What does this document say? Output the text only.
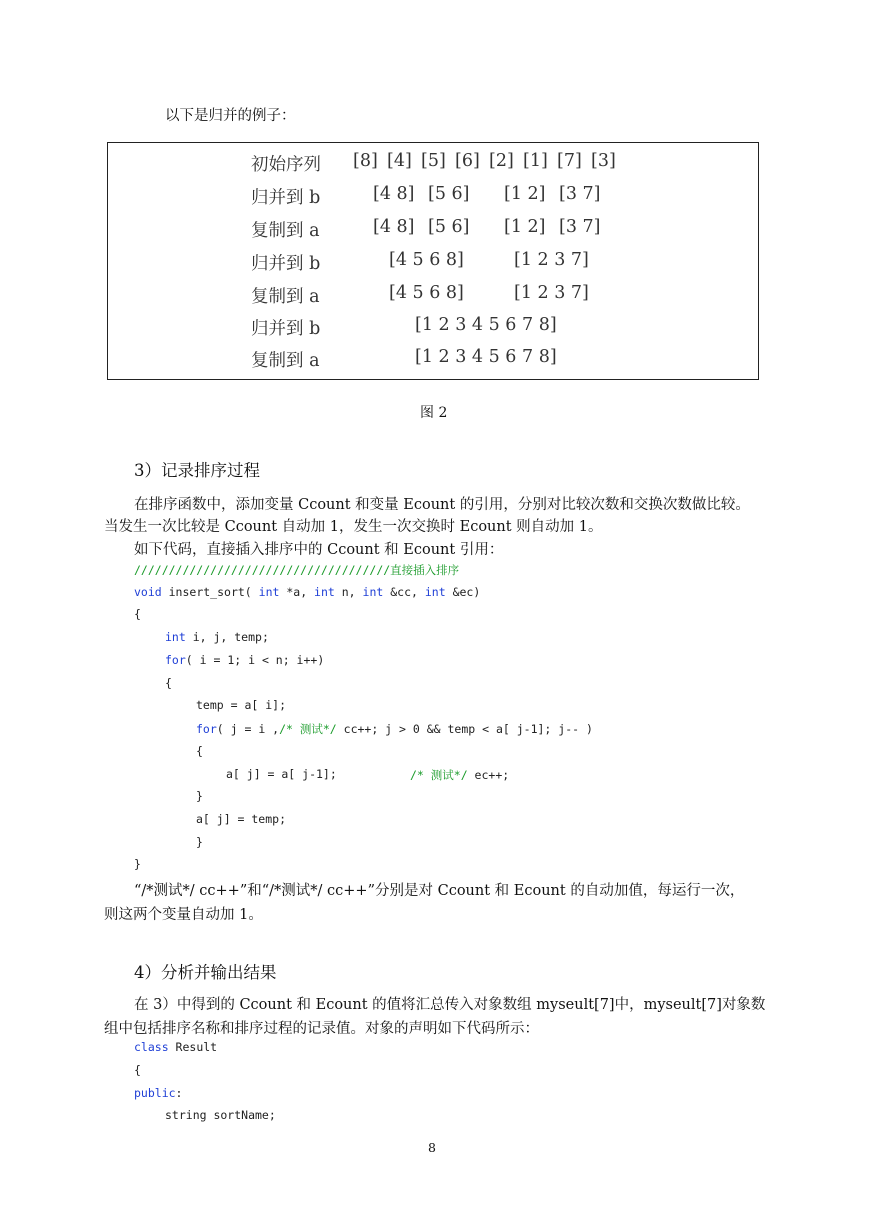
以下是归并的例子：
初始序列 [8] [4] [5] [6] [2] [1] [7] [3]
归并到 b	[4 8] [5 6] [1 2] [3 7]
复制到 a	[4 8] [5 6] [1 2] [3 7]
归并到 b	[4 5 6 8]	[1 2 3 7]
复制到 a	[4 5 6 8]	[1 2 3 7]
归并到 b	[1 2 3 4 5 6 7 8]
复制到 a	[1 2 3 4 5 6 7 8]
图 2
3）记录排序过程
在排序函数中，添加变量 Ccount 和变量 Ecount 的引用，分别对比较次数和交换次数做比较。
当发生一次比较是 Ccount 自动加 1，发生一次交换时 Ecount 则自动加 1。
如下代码，直接插入排序中的 Ccount 和 Ecount 引用：
/////////////////////////////////////直接插入排序
void insert_sort( int *a, int n, int &cc, int &ec)
{
int i, j, temp;
for( i = 1; i < n; i++)
{
temp = a[ i];
for( j = i ,/* 测试*/ cc++; j > 0 && temp < a[ j-1]; j-- )
{
a[ j] = a[ j-1];	/* 测试*/ ec++;
}
a[ j] = temp;
}
}
“/*测试*/ cc++”和“/*测试*/ cc++”分别是对 Ccount 和 Ecount 的自动加值，每运行一次，
则这两个变量自动加 1。
4）分析并输出结果
在 3）中得到的 Ccount 和 Ecount 的值将汇总传入对象数组 myseult[7]中，myseult[7]对象数
组中包括排序名称和排序过程的记录值。对象的声明如下代码所示：
class Result
{
public:
string sortName;
8
